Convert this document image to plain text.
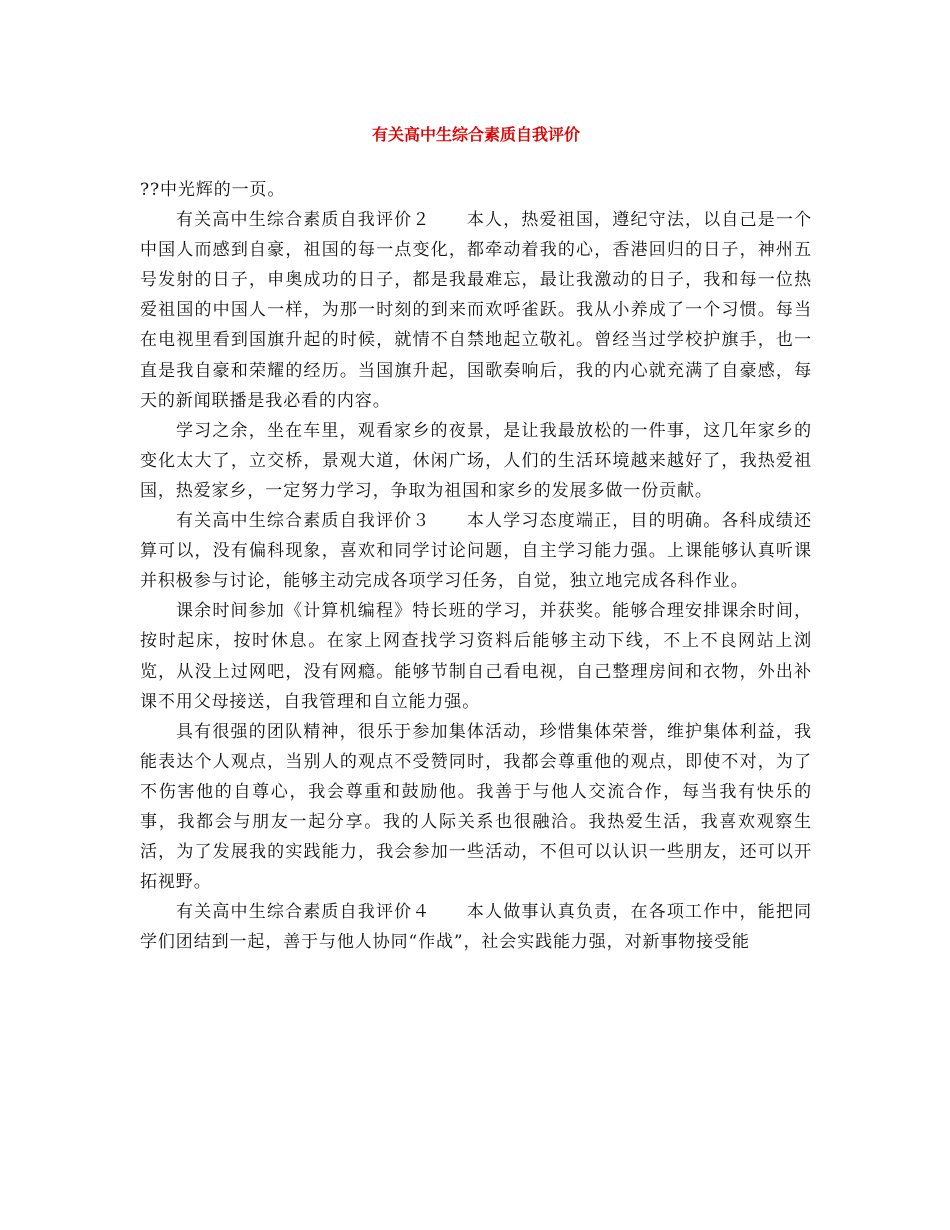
有关高中生综合素质自我评价

??中光辉的一页。

有关高中生综合素质自我评价２　　本人，热爱祖国，遵纪守法，以自己是一个中国人而感到自豪，祖国的每一点变化，都牵动着我的心，香港回归的日子，神州五号发射的日子，申奥成功的日子，都是我最难忘，最让我激动的日子，我和每一位热爱祖国的中国人一样，为那一时刻的到来而欢呼雀跃。我从小养成了一个习惯。每当在电视里看到国旗升起的时候，就情不自禁地起立敬礼。曾经当过学校护旗手，也一直是我自豪和荣耀的经历。当国旗升起，国歌奏响后，我的内心就充满了自豪感，每天的新闻联播是我必看的内容。

学习之余，坐在车里，观看家乡的夜景，是让我最放松的一件事，这几年家乡的变化太大了，立交桥，景观大道，休闲广场，人们的生活环境越来越好了，我热爱祖国，热爱家乡，一定努力学习，争取为祖国和家乡的发展多做一份贡献。

有关高中生综合素质自我评价３　　本人学习态度端正，目的明确。各科成绩还算可以，没有偏科现象，喜欢和同学讨论问题，自主学习能力强。上课能够认真听课并积极参与讨论，能够主动完成各项学习任务，自觉，独立地完成各科作业。

课余时间参加《计算机编程》特长班的学习，并获奖。能够合理安排课余时间，按时起床，按时休息。在家上网查找学习资料后能够主动下线，不上不良网站上浏览，从没上过网吧，没有网瘾。能够节制自己看电视，自己整理房间和衣物，外出补课不用父母接送，自我管理和自立能力强。

具有很强的团队精神，很乐于参加集体活动，珍惜集体荣誉，维护集体利益，我能表达个人观点，当别人的观点不受赞同时，我都会尊重他的观点，即使不对，为了不伤害他的自尊心，我会尊重和鼓励他。我善于与他人交流合作，每当我有快乐的事，我都会与朋友一起分享。我的人际关系也很融洽。我热爱生活，我喜欢观察生活，为了发展我的实践能力，我会参加一些活动，不但可以认识一些朋友，还可以开拓视野。

有关高中生综合素质自我评价４　　本人做事认真负责，在各项工作中，能把同学们团结到一起，善于与他人协同“作战”，社会实践能力强，对新事物接受能
